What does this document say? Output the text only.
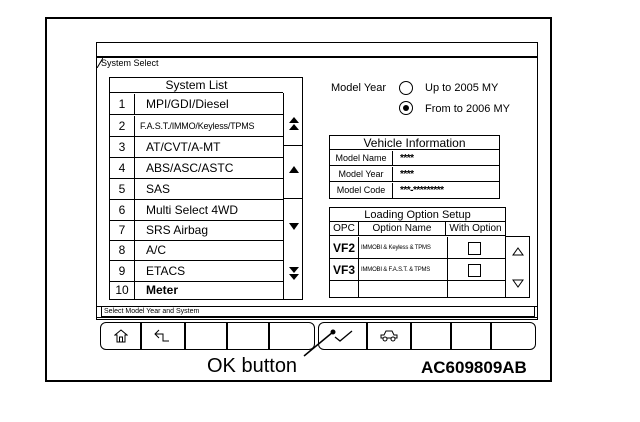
System Select
System List
1	MPI/GDI/Diesel
2	F.A.S.T./IMMO/Keyless/TPMS
3	AT/CVT/A-MT
4	ABS/ASC/ASTC
5	SAS
6	Multi Select 4WD
7	SRS Airbag
8	A/C
9	ETACS
10	Meter
Model Year	Up to 2005 MY
From to 2006 MY
Vehicle Information
Model Name	****
Model Year	****
Model Code	***-*********
Loading Option Setup
OPC	Option Name	With Option
VF2	IMMOBI & Keyless & TPMS
VF3	IMMOBI & F.A.S.T. & TPMS
Select Model Year and System
OK button	AC609809AB
